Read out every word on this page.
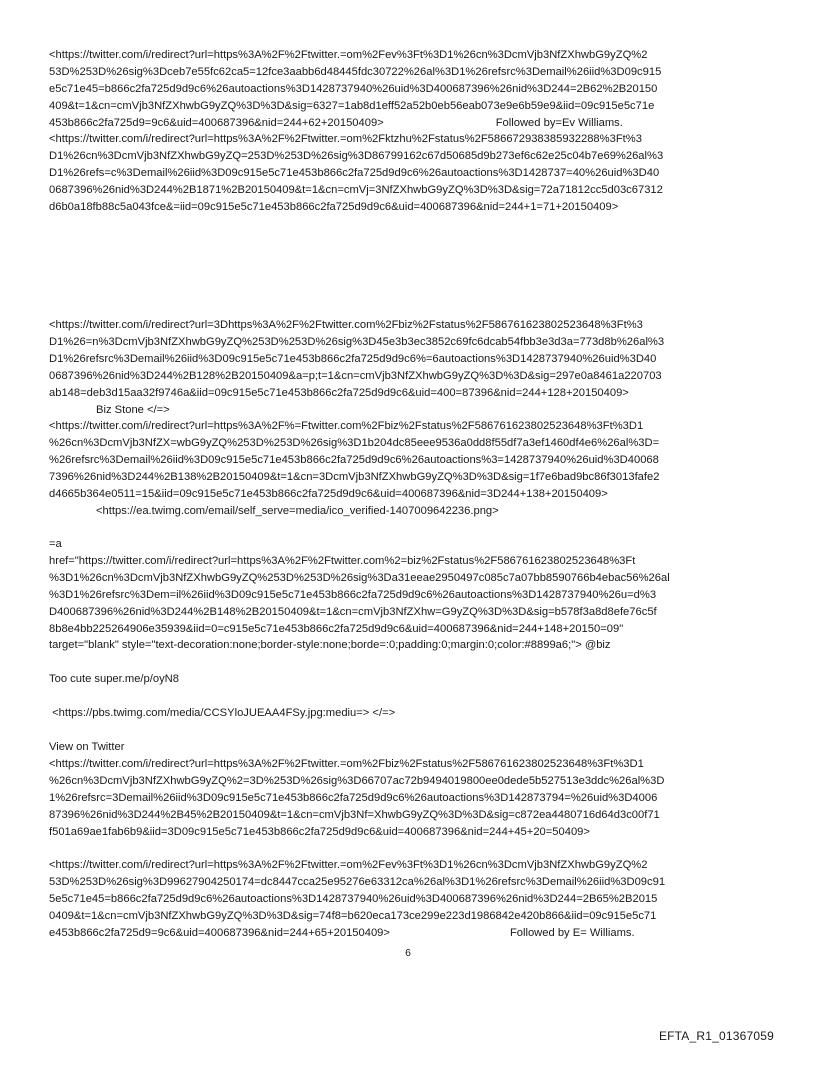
<https://twitter.com/i/redirect?url=https%3A%2F%2Ftwitter.=om%2Fev%3Ft%3D1%26cn%3DcmVjb3NfZXhwbG9yZQ%2
53D%253D%26sig%3Dceb7e55fc62ca5=12fce3aabb6d48445fdc30722%26al%3D1%26refsrc%3Demail%26iid%3D09c915
e5c71e45=b866c2fa725d9d9c6%26autoactions%3D1428737940%26uid%3D400687396%26nid%3D244=2B62%2B20150
409&t=1&cn=cmVjb3NfZXhwbG9yZQ%3D%3D&sig=6327=1ab8d1eff52a52b0eb56eab073e9e6b59e9&iid=09c915e5c71e
453b866c2fa725d9=9c6&uid=400687396&nid=244+62+20150409>	Followed by=Ev Williams.
<https://twitter.com/i/redirect?url=https%3A%2F%2Ftwitter.=om%2Fktzhu%2Fstatus%2F586672938385932288%3Ft%3
D1%26cn%3DcmVjb3NfZXhwbG9yZQ=253D%253D%26sig%3D86799162c67d50685d9b273ef6c62e25c04b7e69%26al%3
D1%26refs=c%3Demail%26iid%3D09c915e5c71e453b866c2fa725d9d9c6%26autoactions%3D1428737=40%26uid%3D40
0687396%26nid%3D244%2B1871%2B20150409&t=1&cn=cmVj=3NfZXhwbG9yZQ%3D%3D&sig=72a71812cc5d03c67312
d6b0a18fb88c5a043fce&=iid=09c915e5c71e453b866c2fa725d9d9c6&uid=400687396&nid=244+1=71+20150409>
<https://twitter.com/i/redirect?url=3Dhttps%3A%2F%2Ftwitter.com%2Fbiz%2Fstatus%2F586761623802523648%3Ft%3
D1%26=n%3DcmVjb3NfZXhwbG9yZQ%253D%253D%26sig%3D45e3b3ec3852c69fc6dcab54fbb3e3d3a=773d8b%26al%3
D1%26refsrc%3Demail%26iid%3D09c915e5c71e453b866c2fa725d9d9c6%=6autoactions%3D1428737940%26uid%3D40
0687396%26nid%3D244%2B128%2B20150409&a=p;t=1&cn=cmVjb3NfZXhwbG9yZQ%3D%3D&sig=297e0a8461a220703
ab148=deb3d15aa32f9746a&iid=09c915e5c71e453b866c2fa725d9d9c6&uid=400=87396&nid=244+128+20150409>
Biz Stone </=>
<https://twitter.com/i/redirect?url=https%3A%2F%=Ftwitter.com%2Fbiz%2Fstatus%2F586761623802523648%3Ft%3D1
%26cn%3DcmVjb3NfZX=wbG9yZQ%253D%253D%26sig%3D1b204dc85eee9536a0dd8f55df7a3ef1460df4e6%26al%3D=
%26refsrc%3Demail%26iid%3D09c915e5c71e453b866c2fa725d9d9c6%26autoactions%3=1428737940%26uid%3D40068
7396%26nid%3D244%2B138%2B20150409&t=1&cn=3DcmVjb3NfZXhwbG9yZQ%3D%3D&sig=1f7e6bad9bc86f3013fafe2
d4665b364e0511=15&iid=09c915e5c71e453b866c2fa725d9d9c6&uid=400687396&nid=3D244+138+20150409>
<https://ea.twimg.com/email/self_serve=media/ico_verified-1407009642236.png>
=a
href="https://twitter.com/i/redirect?url=https%3A%2F%2Ftwitter.com%2=biz%2Fstatus%2F586761623802523648%3Ft
%3D1%26cn%3DcmVjb3NfZXhwbG9yZQ%253D%253D%26sig%3Da31eeae2950497c085c7a07bb8590766b4ebac56%26al
%3D1%26refsrc%3Dem=il%26iid%3D09c915e5c71e453b866c2fa725d9d9c6%26autoactions%3D1428737940%26u=d%3
D400687396%26nid%3D244%2B148%2B20150409&t=1&cn=cmVjb3NfZXhw=G9yZQ%3D%3D&sig=b578f3a8d8efe76c5f
8b8e4bb225264906e35939&iid=0=c915e5c71e453b866c2fa725d9d9c6&uid=400687396&nid=244+148+20150=09"
target="blank" style="text-decoration:none;border-style:none;borde=:0;padding:0;margin:0;color:#8899a6;"> @biz
Too cute super.me/p/oyN8
<https://pbs.twimg.com/media/CCSYloJUEAA4FSy.jpg:mediu=> </=>
View on Twitter
<https://twitter.com/i/redirect?url=https%3A%2F%2Ftwitter.=om%2Fbiz%2Fstatus%2F586761623802523648%3Ft%3D1
%26cn%3DcmVjb3NfZXhwbG9yZQ%2=3D%253D%26sig%3D66707ac72b9494019800ee0dede5b527513e3ddc%26al%3D
1%26refsrc=3Demail%26iid%3D09c915e5c71e453b866c2fa725d9d9c6%26autoactions%3D142873794=%26uid%3D4006
87396%26nid%3D244%2B45%2B20150409&t=1&cn=cmVjb3Nf=XhwbG9yZQ%3D%3D&sig=c872ea4480716d64d3c00f71
f501a69ae1fab6b9&iid=3D09c915e5c71e453b866c2fa725d9d9c6&uid=400687396&nid=244+45+20=50409>
<https://twitter.com/i/redirect?url=https%3A%2F%2Ftwitter.=om%2Fev%3Ft%3D1%26cn%3DcmVjb3NfZXhwbG9yZQ%2
53D%253D%26sig%3D99627904250174=dc8447cca25e95276e63312ca%26al%3D1%26refsrc%3Demail%26iid%3D09c91
5e5c71e45=b866c2fa725d9d9c6%26autoactions%3D1428737940%26uid%3D400687396%26nid%3D244=2B65%2B2015
0409&t=1&cn=cmVjb3NfZXhwbG9yZQ%3D%3D&sig=74f8=b620eca173ce299e223d1986842e420b866&iid=09c915e5c71
e453b866c2fa725d9=9c6&uid=400687396&nid=244+65+20150409>	Followed by E= Williams.
6
EFTA_R1_01367059
